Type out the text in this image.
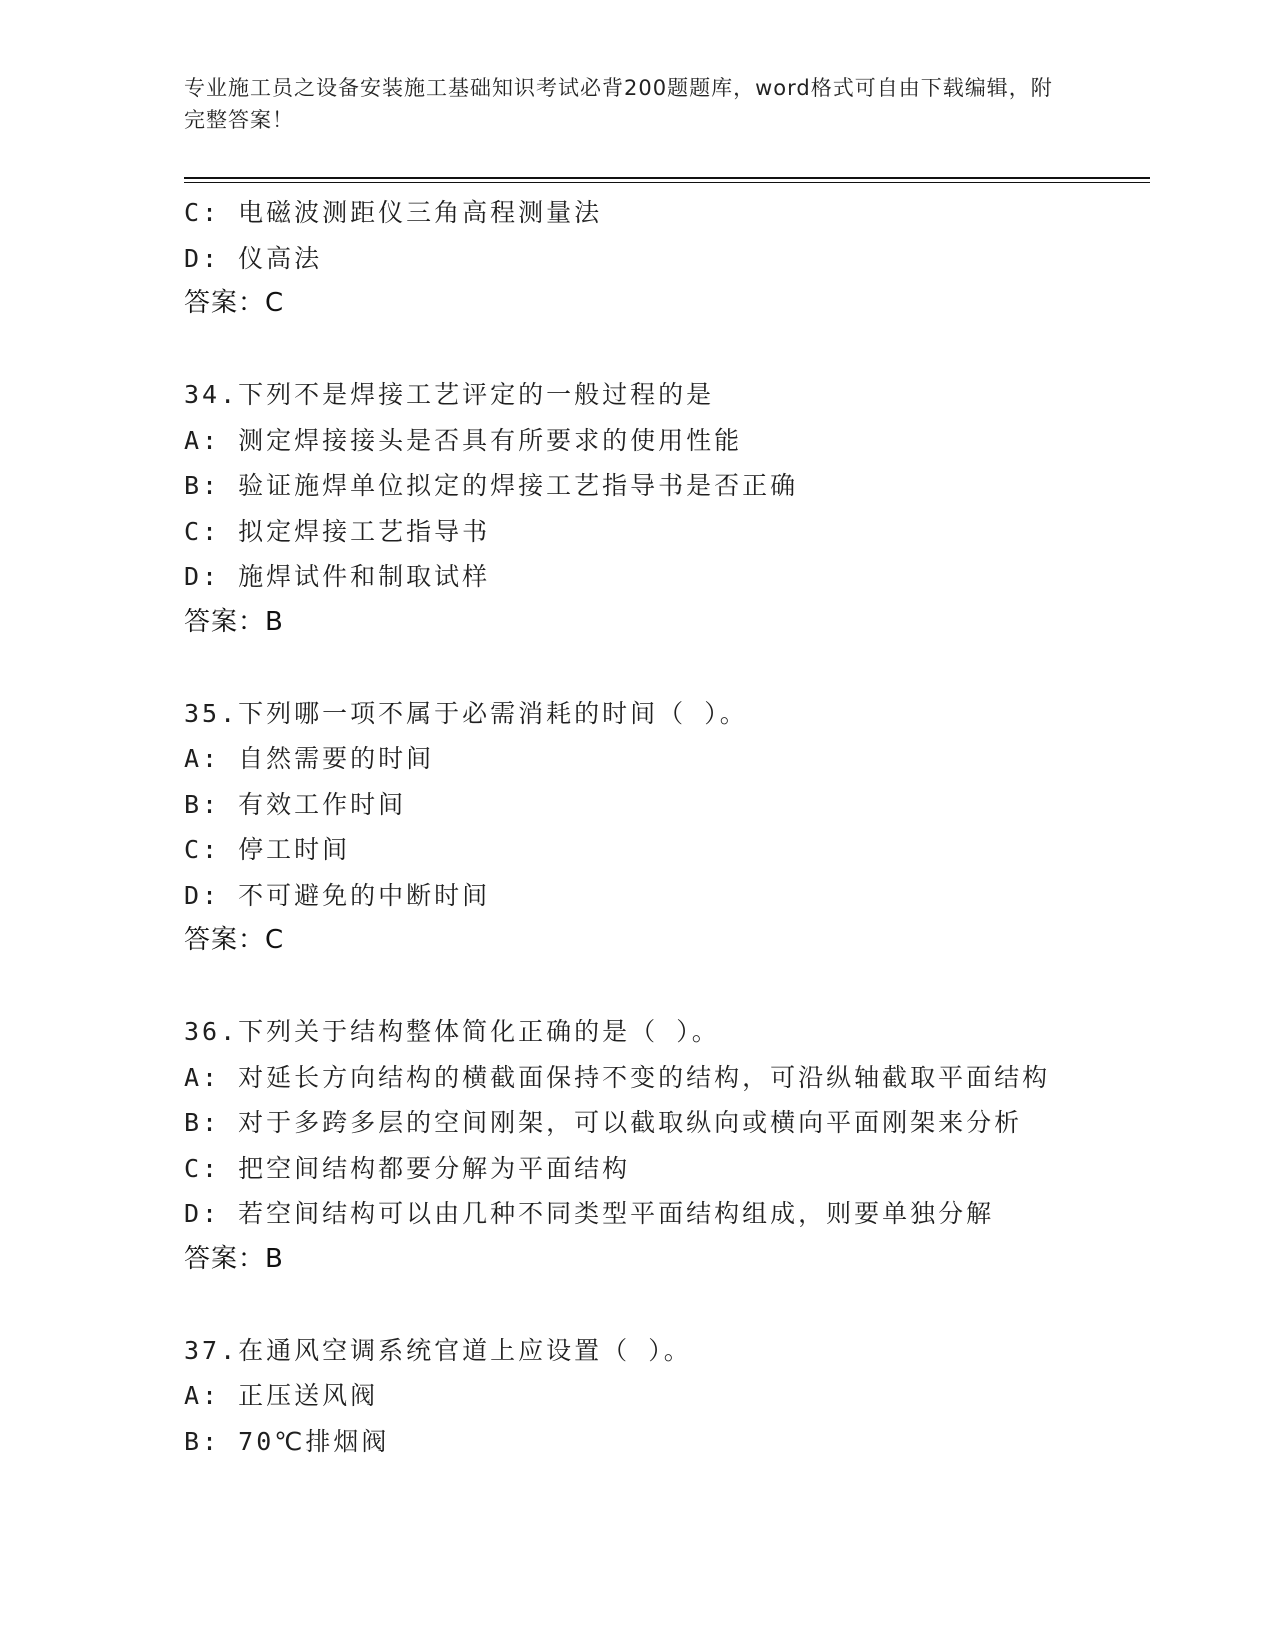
专业施工员之设备安装施工基础知识考试必背200题题库，word格式可自由下载编辑，附完整答案！
C: 电磁波测距仪三角高程测量法
D: 仪高法
答案：C
34.下列不是焊接工艺评定的一般过程的是
A: 测定焊接接头是否具有所要求的使用性能
B: 验证施焊单位拟定的焊接工艺指导书是否正确
C: 拟定焊接工艺指导书
D: 施焊试件和制取试样
答案：B
35.下列哪一项不属于必需消耗的时间（ ）。
A: 自然需要的时间
B: 有效工作时间
C: 停工时间
D: 不可避免的中断时间
答案：C
36.下列关于结构整体简化正确的是（ ）。
A: 对延长方向结构的横截面保持不变的结构，可沿纵轴截取平面结构
B: 对于多跨多层的空间刚架，可以截取纵向或横向平面刚架来分析
C: 把空间结构都要分解为平面结构
D: 若空间结构可以由几种不同类型平面结构组成，则要单独分解
答案：B
37.在通风空调系统官道上应设置（ ）。
A: 正压送风阀
B: 70℃排烟阀
